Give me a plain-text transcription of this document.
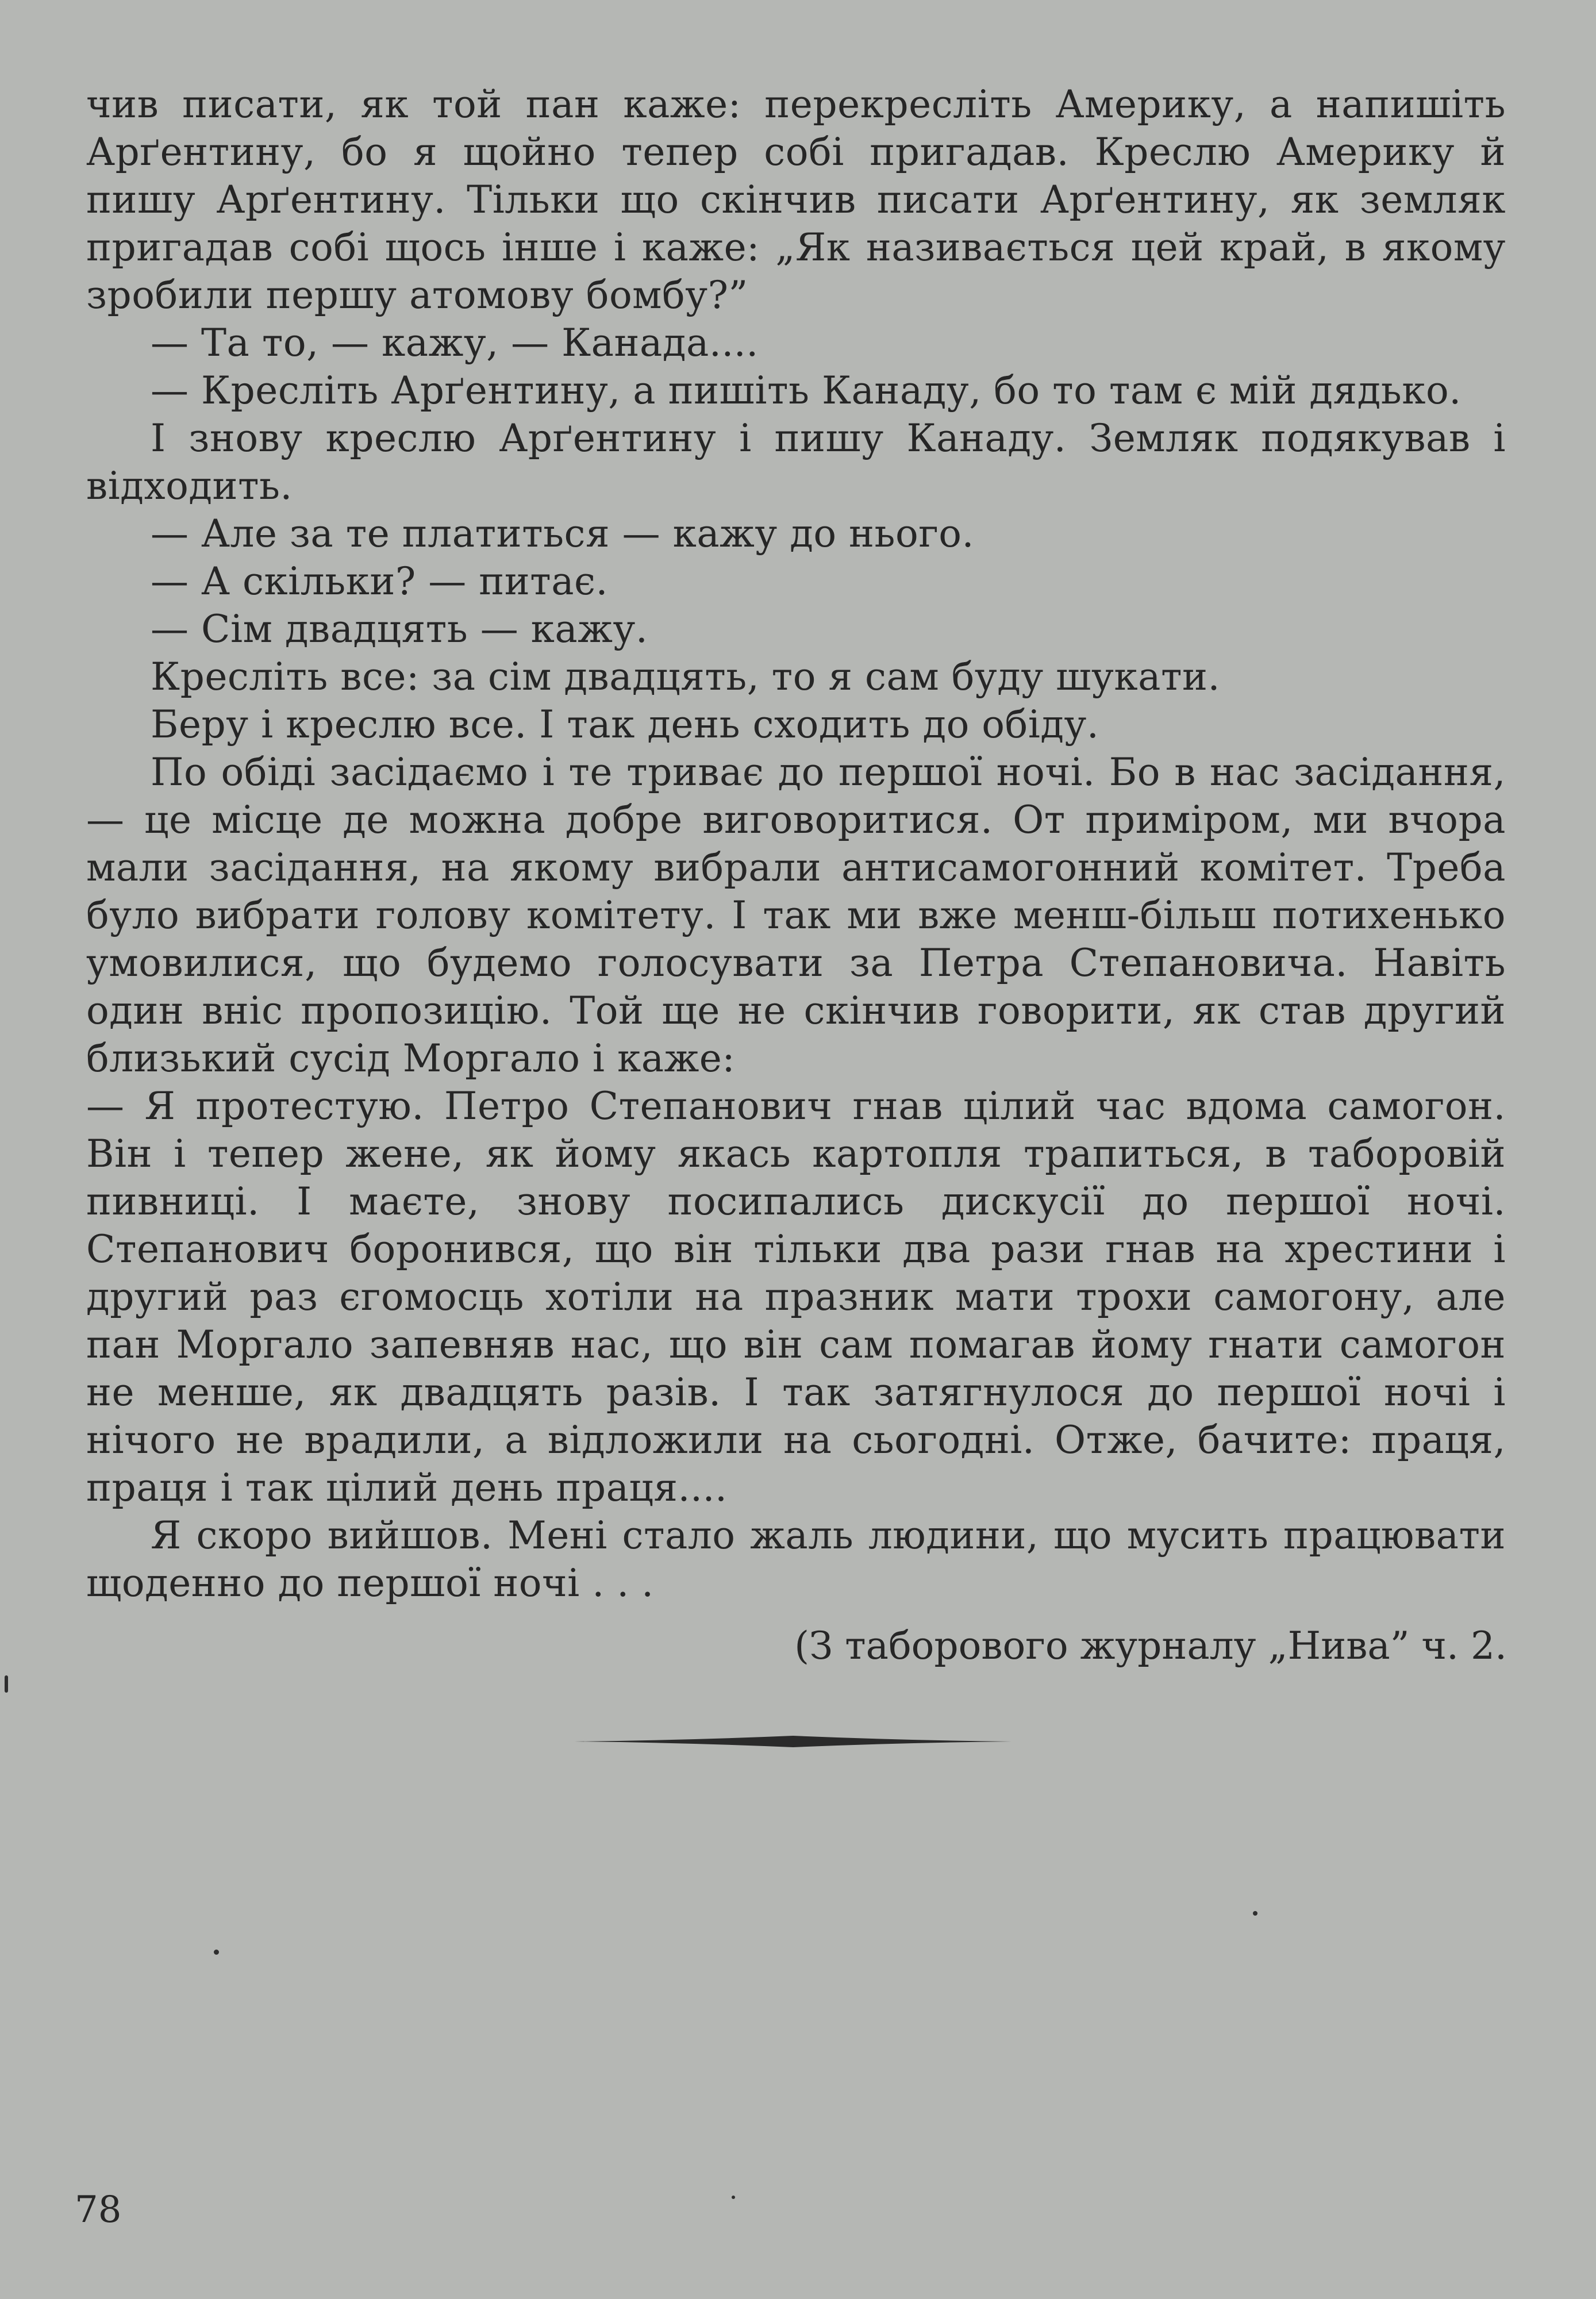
чив писати, як той пан каже: перекресліть Америку, а напишіть Арґентину, бо я щойно тепер собі пригадав. Креслю Америку й пишу Арґентину. Тільки що скінчив писати Арґентину, як земляк пригадав собі щось інше і каже: „Як називається цей край, в якому зробили першу атомову бомбу?”

— Та то, — кажу, — Канада....

— Кресліть Арґентину, а пишіть Канаду, бо то там є мій дядько.

І знову креслю Арґентину і пишу Канаду. Земляк подякував і відходить.

— Але за те платиться — кажу до нього.

— А скільки? — питає.

— Сім двадцять — кажу.

Кресліть все: за сім двадцять, то я сам буду шукати.

Беру і креслю все. І так день сходить до обіду.

По обіді засідаємо і те триває до першої ночі. Бо в нас засідання, — це місце де можна добре виговоритися. От приміром, ми вчора мали засідання, на якому вибрали антисамогонний комітет. Треба було вибрати голову комітету. І так ми вже менш-більш потихенько умовилися, що будемо голосувати за Петра Степановича. Навіть один вніс пропозицію. Той ще не скінчив говорити, як став другий близький сусід Моргало і каже:

— Я протестую. Петро Степанович гнав цілий час вдома самогон. Він і тепер жене, як йому якась картопля трапиться, в таборовій пивниці. І маєте, знову посипались дискусії до першої ночі. Степанович боронився, що він тільки два рази гнав на хрестини і другий раз єгомосць хотіли на празник мати трохи самогону, але пан Моргало запевняв нас, що він сам помагав йому гнати самогон не менше, як двадцять разів. І так затягнулося до першої ночі і нічого не врадили, а відложили на сьогодні. Отже, бачите: праця, праця і так цілий день праця....

Я скоро вийшов. Мені стало жаль людини, що мусить працювати щоденно до першої ночі . . .

(З таборового журналу „Нива” ч. 2.
78
